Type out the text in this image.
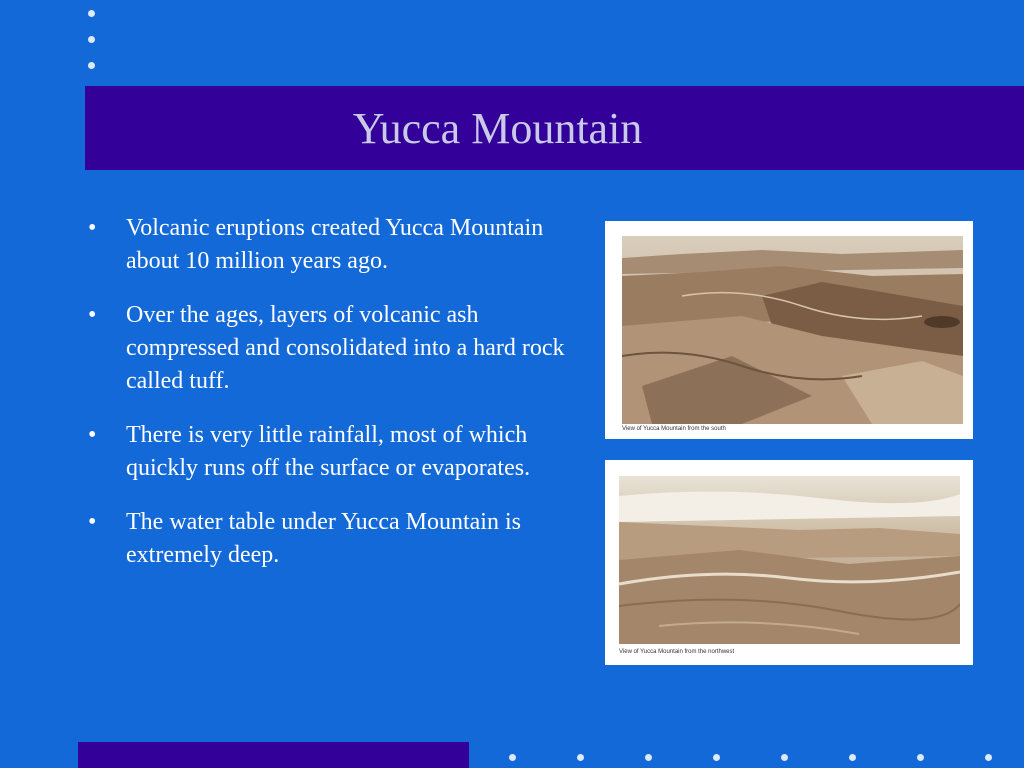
Yucca Mountain
•	Volcanic eruptions created Yucca Mountain about 10 million years ago.
•	Over the ages, layers of volcanic ash compressed and consolidated into a hard rock called tuff.
•	There is very little rainfall, most of which quickly runs off the surface or evaporates.
•	The water table under Yucca Mountain is extremely deep.
View of Yucca Mountain from the south
View of Yucca Mountain from the northwest
